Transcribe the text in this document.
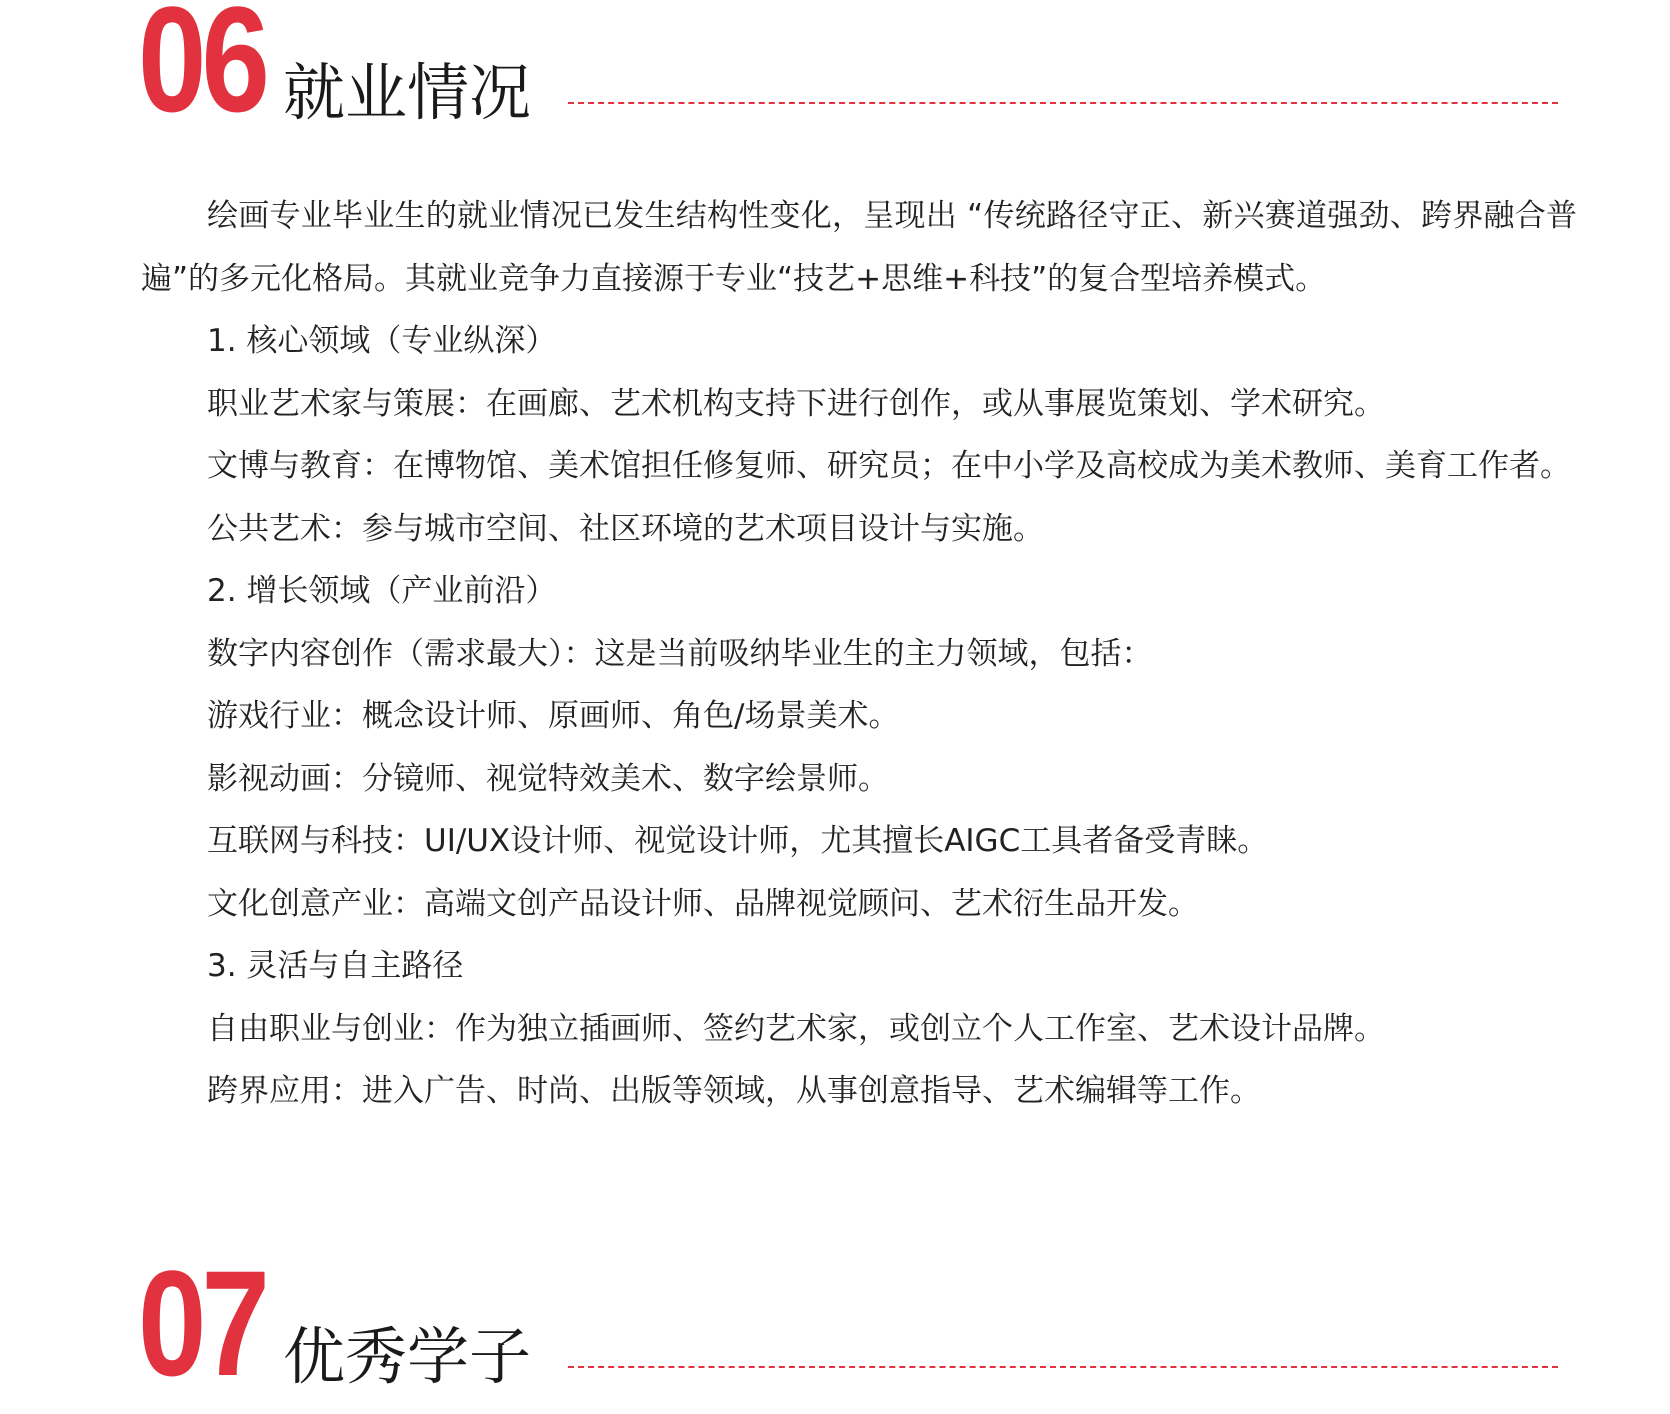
06 就业情况

绘画专业毕业生的就业情况已发生结构性变化，呈现出 “传统路径守正、新兴赛道强劲、跨界融合普遍”的多元化格局。其就业竞争力直接源于专业“技艺+思维+科技”的复合型培养模式。

1. 核心领域（专业纵深）

职业艺术家与策展：在画廊、艺术机构支持下进行创作，或从事展览策划、学术研究。

文博与教育：在博物馆、美术馆担任修复师、研究员；在中小学及高校成为美术教师、美育工作者。

公共艺术：参与城市空间、社区环境的艺术项目设计与实施。

2. 增长领域（产业前沿）

数字内容创作（需求最大）：这是当前吸纳毕业生的主力领域，包括：

游戏行业：概念设计师、原画师、角色/场景美术。

影视动画：分镜师、视觉特效美术、数字绘景师。

互联网与科技：UI/UX设计师、视觉设计师，尤其擅长AIGC工具者备受青睐。

文化创意产业：高端文创产品设计师、品牌视觉顾问、艺术衍生品开发。

3. 灵活与自主路径

自由职业与创业：作为独立插画师、签约艺术家，或创立个人工作室、艺术设计品牌。

跨界应用：进入广告、时尚、出版等领域，从事创意指导、艺术编辑等工作。

07 优秀学子
